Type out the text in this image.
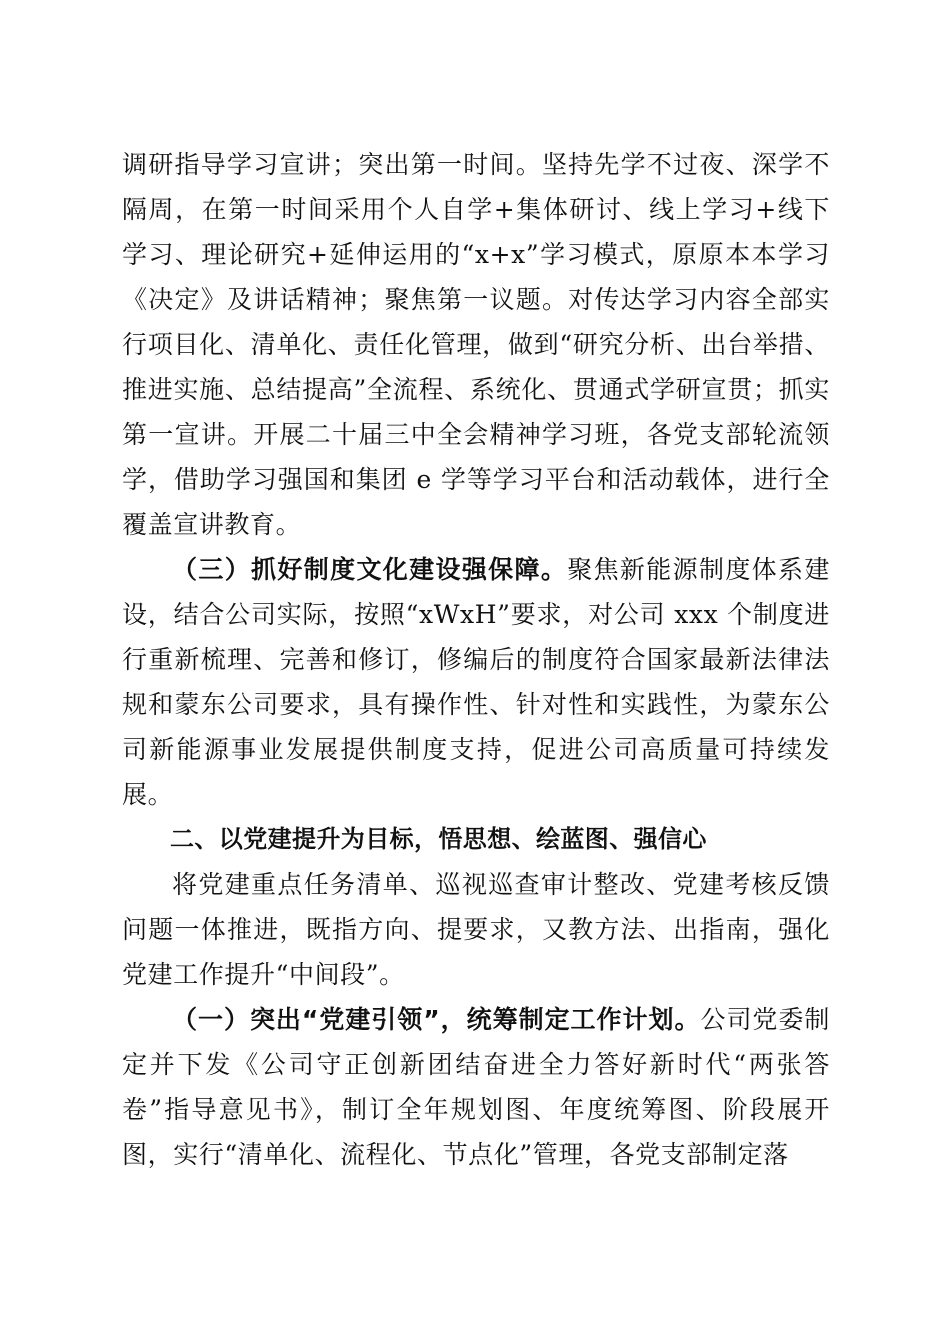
调研指导学习宣讲；突出第一时间。坚持先学不过夜、深学不隔周，在第一时间采用个人自学+集体研讨、线上学习+线下学习、理论研究+延伸运用的“x+x”学习模式，原原本本学习《决定》及讲话精神；聚焦第一议题。对传达学习内容全部实行项目化、清单化、责任化管理，做到“研究分析、出台举措、推进实施、总结提高”全流程、系统化、贯通式学研宣贯；抓实第一宣讲。开展二十届三中全会精神学习班，各党支部轮流领学，借助学习强国和集团 e 学等学习平台和活动载体，进行全覆盖宣讲教育。

（三）抓好制度文化建设强保障。聚焦新能源制度体系建设，结合公司实际，按照“xWxH”要求，对公司 xxx 个制度进行重新梳理、完善和修订，修编后的制度符合国家最新法律法规和蒙东公司要求，具有操作性、针对性和实践性，为蒙东公司新能源事业发展提供制度支持，促进公司高质量可持续发展。

二、以党建提升为目标，悟思想、绘蓝图、强信心

将党建重点任务清单、巡视巡查审计整改、党建考核反馈问题一体推进，既指方向、提要求，又教方法、出指南，强化党建工作提升“中间段”。

（一）突出“党建引领”，统筹制定工作计划。公司党委制定并下发《公司守正创新团结奋进全力答好新时代“两张答卷”指导意见书》，制订全年规划图、年度统筹图、阶段展开图，实行“清单化、流程化、节点化”管理，各党支部制定落
